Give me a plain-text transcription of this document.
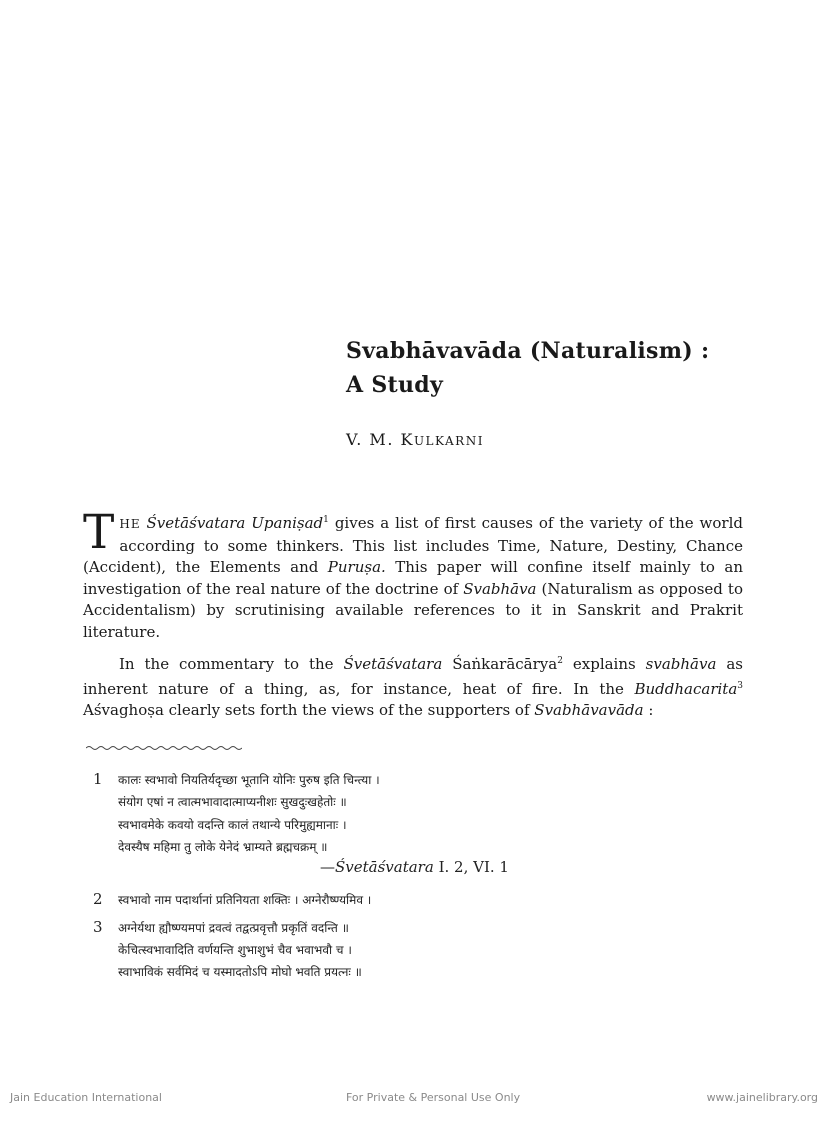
Svabhāvavāda (Naturalism) :
A Study
V. M. KULKARNI
THE Śvetāśvatara Upaniṣad$^1$ gives a list of first causes of the variety of the world according to some thinkers. This list includes Time, Nature, Destiny, Chance (Accident), the Elements and Puruṣa. This paper will confine itself mainly to an investigation of the real nature of the doctrine of Svabhāva (Naturalism as opposed to Accidentalism) by scrutinising available references to it in Sanskrit and Prakrit literature.
In the commentary to the Śvetāśvatara Śaṅkarācārya$^2$ explains svabhāva as inherent nature of a thing, as, for instance, heat of fire. In the Buddhacarita$^3$ Aśvaghoṣa clearly sets forth the views of the supporters of Svabhāvavāda :
1 कालः स्वभावो नियतिर्यदृच्छा भूतानि योनिः पुरुष इति चिन्त्या ।
संयोग एषां न त्वात्मभावादात्माप्यनीशः सुखदुःखहेतोः ॥
स्वभावमेके कवयो वदन्ति कालं तथान्ये परिमुह्यमानाः ।
देवस्यैष महिमा तु लोके येनेदं भ्राम्यते ब्रह्मचक्रम् ॥
—Śvetāśvatara I. 2, VI. 1
2 स्वभावो नाम पदार्थानां प्रतिनियता शक्तिः । अग्नेरौष्ण्यमिव ।
3 अग्नेर्यथा ह्यौष्ण्यमपां द्रवत्वं तद्वत्प्रवृत्तौ प्रकृतिं वदन्ति ॥
केचित्स्वभावादिति वर्णयन्ति शुभाशुभं चैव भवाभवौ च ।
स्वाभाविकं सर्वमिदं च यस्मादतोऽपि मोघो भवति प्रयत्नः ॥
Jain Education International	For Private & Personal Use Only	www.jainelibrary.org
